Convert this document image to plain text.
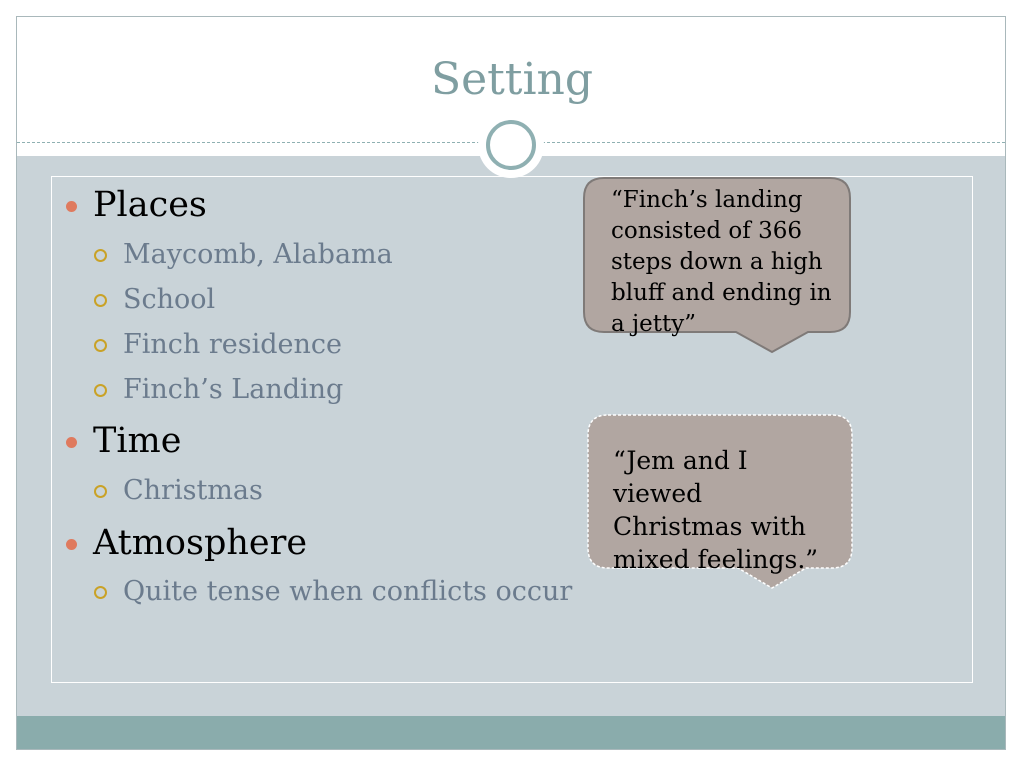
Setting
Places
Maycomb, Alabama
School
Finch residence
Finch’s Landing
Time
Christmas
Atmosphere
Quite tense when conflicts occur
“Finch’s landing consisted of 366 steps down a high bluff and ending in a jetty”
“Jem and I viewed Christmas with mixed feelings.”
